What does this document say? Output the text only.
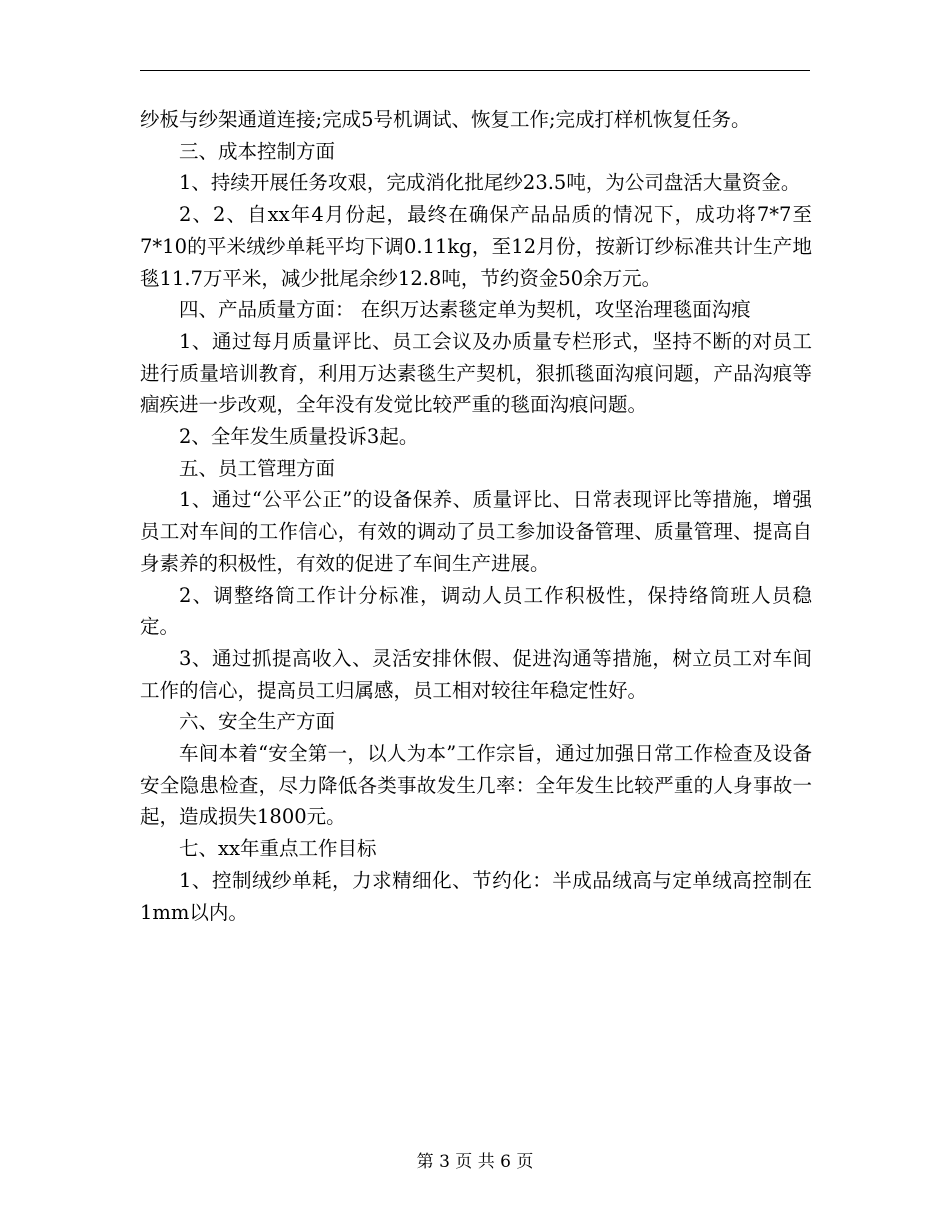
纱板与纱架通道连接;完成5号机调试、恢复工作;完成打样机恢复任务。

三、成本控制方面

1、持续开展任务攻艰，完成消化批尾纱23.5吨，为公司盘活大量资金。

2、2、自xx年4月份起，最终在确保产品品质的情况下，成功将7*7至7*10的平米绒纱单耗平均下调0.11kg，至12月份，按新订纱标准共计生产地毯11.7万平米，减少批尾余纱12.8吨，节约资金50余万元。

四、产品质量方面： 在织万达素毯定单为契机，攻坚治理毯面沟痕

1、通过每月质量评比、员工会议及办质量专栏形式，坚持不断的对员工进行质量培训教育，利用万达素毯生产契机，狠抓毯面沟痕问题，产品沟痕等痼疾进一步改观，全年没有发觉比较严重的毯面沟痕问题。

2、全年发生质量投诉3起。

五、员工管理方面

1、通过“公平公正”的设备保养、质量评比、日常表现评比等措施，增强员工对车间的工作信心，有效的调动了员工参加设备管理、质量管理、提高自身素养的积极性，有效的促进了车间生产进展。

2、调整络筒工作计分标准，调动人员工作积极性，保持络筒班人员稳定。

3、通过抓提高收入、灵活安排休假、促进沟通等措施，树立员工对车间工作的信心，提高员工归属感，员工相对较往年稳定性好。

六、安全生产方面

车间本着“安全第一，以人为本”工作宗旨，通过加强日常工作检查及设备安全隐患检查，尽力降低各类事故发生几率：全年发生比较严重的人身事故一起，造成损失1800元。

七、xx年重点工作目标

1、控制绒纱单耗，力求精细化、节约化：半成品绒高与定单绒高控制在1mm以内。

第 3 页 共 6 页
